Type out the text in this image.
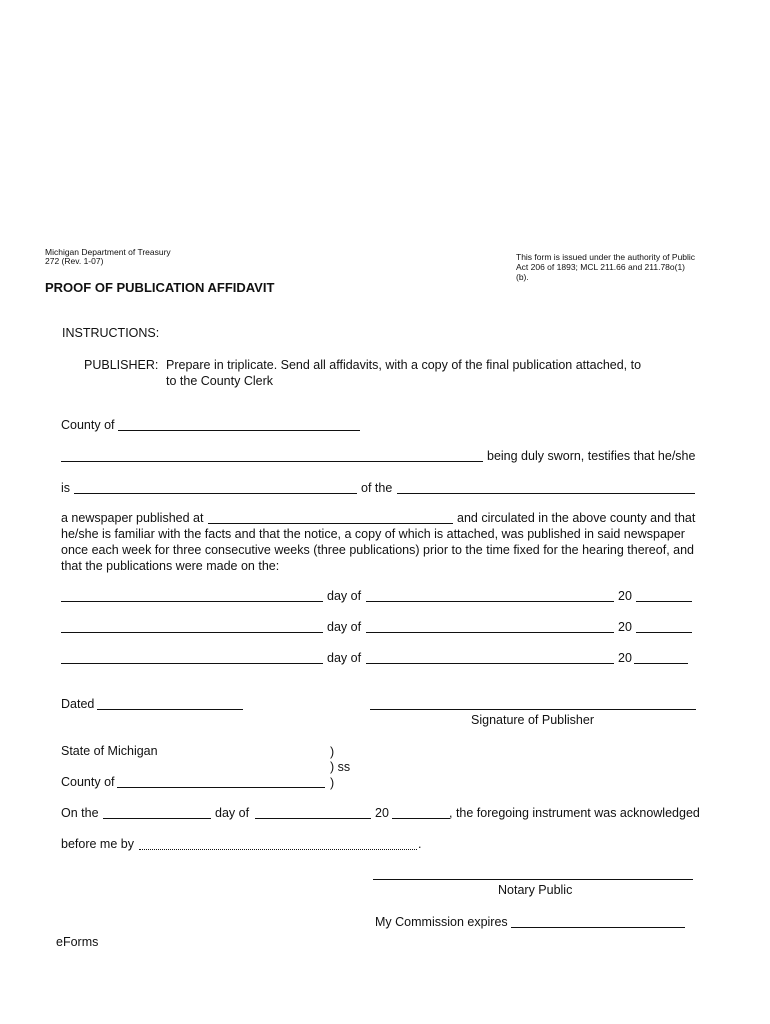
Michigan Department of Treasury
272 (Rev. 1-07)	This form is issued under the authority of Public Act 206 of 1893; MCL 211.66 and 211.78o(1)(b).
PROOF OF PUBLICATION AFFIDAVIT
INSTRUCTIONS:
PUBLISHER: Prepare in triplicate. Send all affidavits, with a copy of the final publication attached, to
to the County Clerk
County of
being duly sworn, testifies that he/she
is	of the
a newspaper published at	and circulated in the above county and that
he/she is familiar with the facts and that the notice, a copy of which is attached, was published in said newspaper once each week for three consecutive weeks (three publications) prior to the time fixed for the hearing thereof, and that the publications were made on the:
day of	20
day of	20
day of	20
Dated
Signature of Publisher
State of Michigan	)
) ss
County of	)
On the	day of	20	, the foregoing instrument was acknowledged
before me by	.
Notary Public
My Commission expires
eForms
